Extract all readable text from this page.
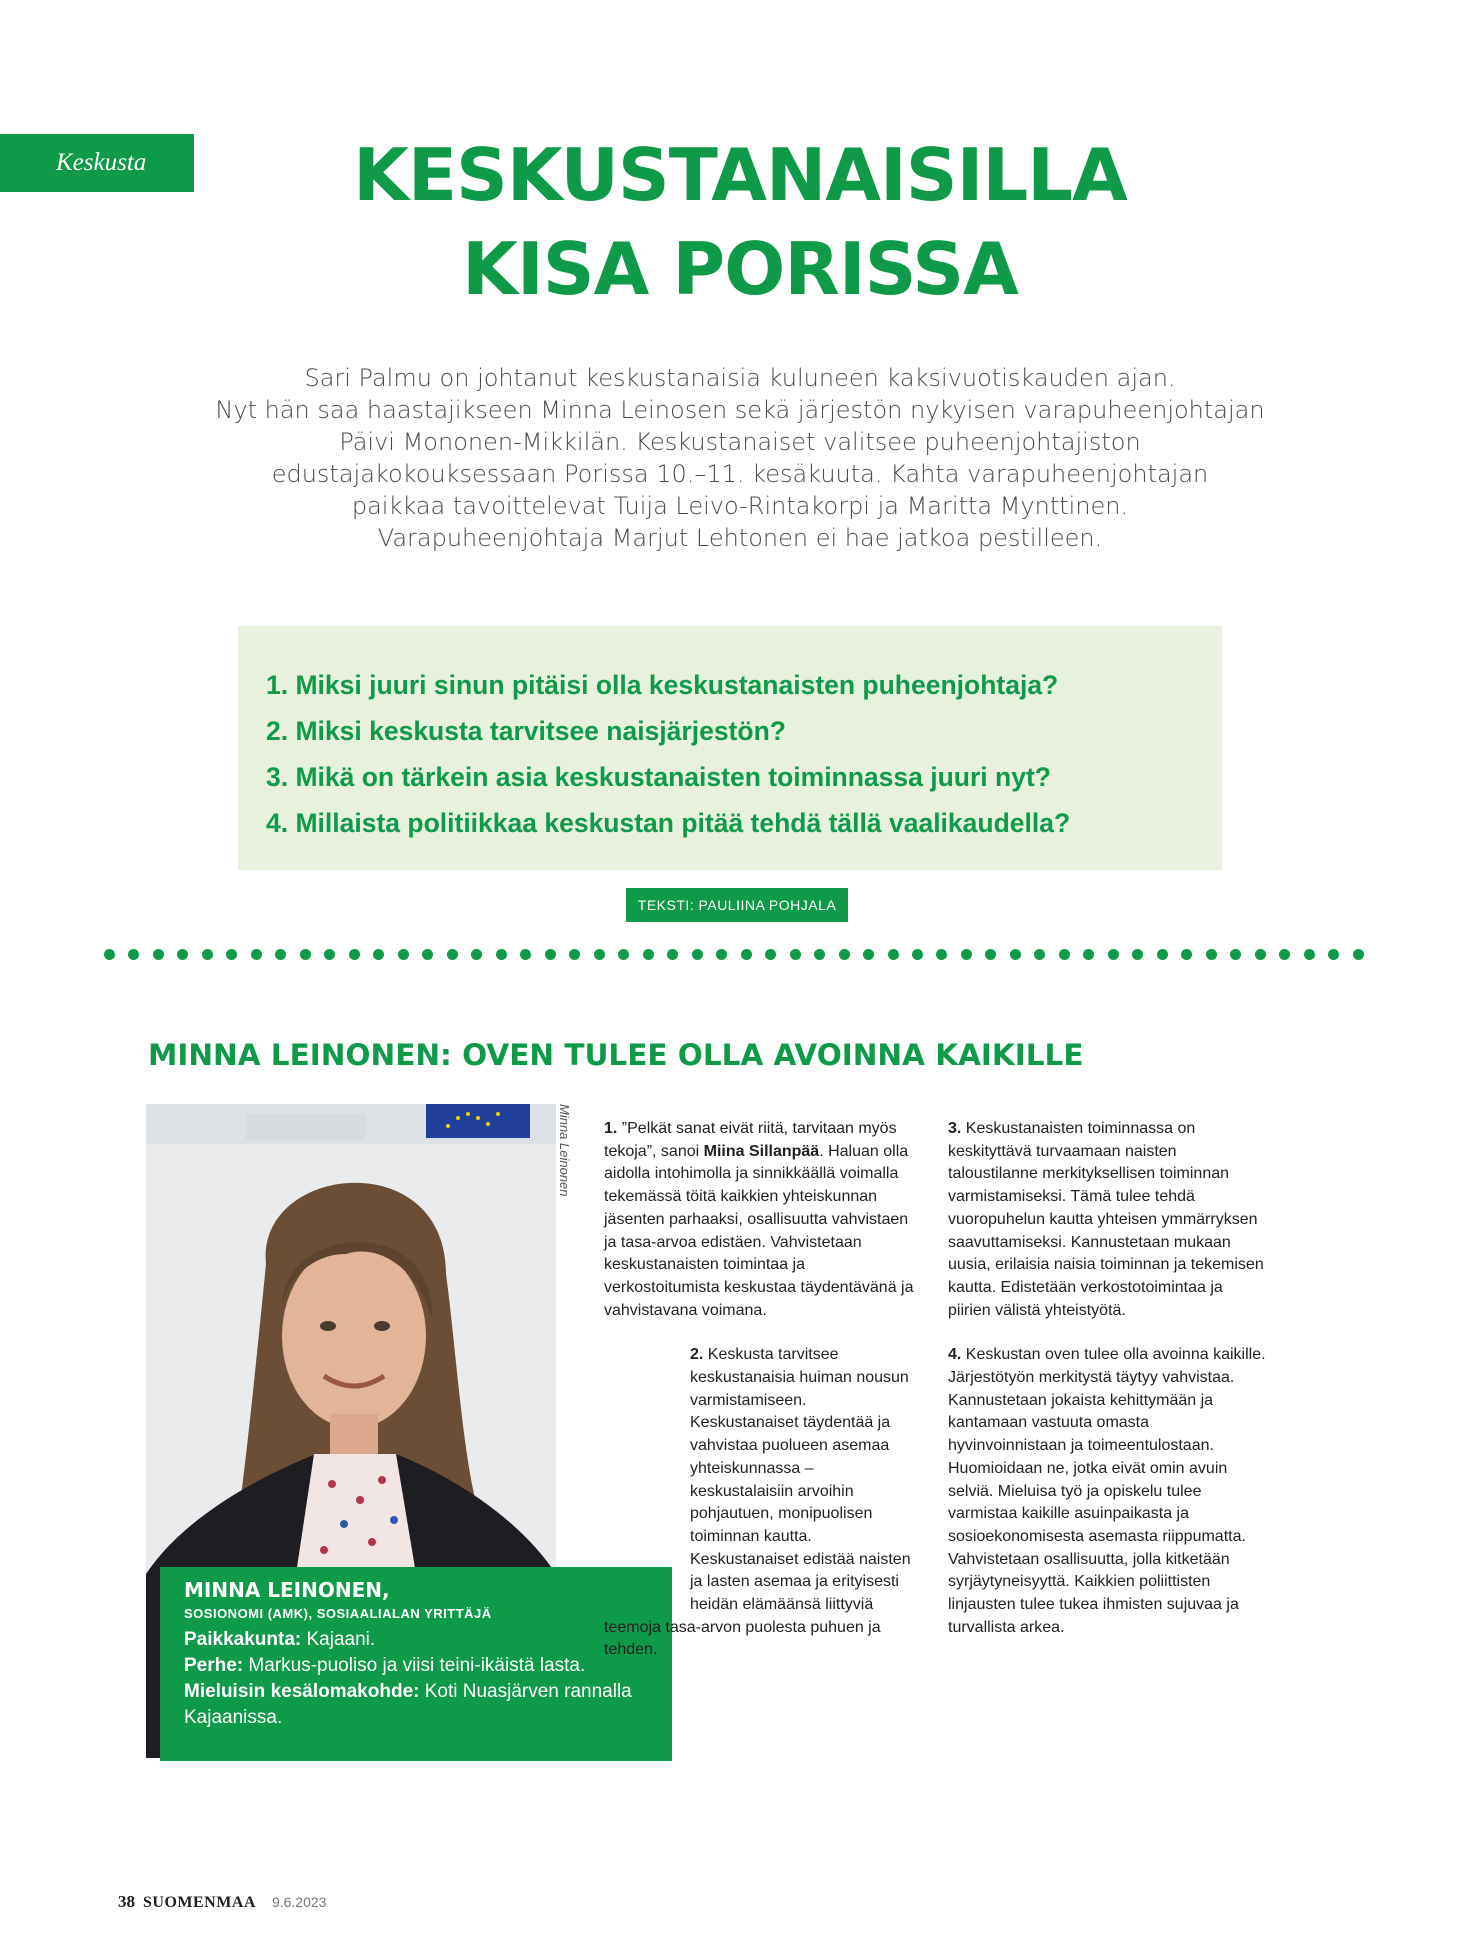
Keskusta	KESKUSTANAISILLA
KISA PORISSA
Sari Palmu on johtanut keskustanaisia kuluneen kaksivuotiskauden ajan.
Nyt hän saa haastajikseen Minna Leinosen sekä järjestön nykyisen varapuheenjohtajan
Päivi Mononen-Mikkilän. Keskustanaiset valitsee puheenjohtajiston
edustajakokouksessaan Porissa 10.–11. kesäkuuta. Kahta varapuheenjohtajan
paikkaa tavoittelevat Tuija Leivo-Rintakorpi ja Maritta Mynttinen.
Varapuheenjohtaja Marjut Lehtonen ei hae jatkoa pestilleen.
1. Miksi juuri sinun pitäisi olla keskustanaisten puheenjohtaja?
2. Miksi keskusta tarvitsee naisjärjestön?
3. Mikä on tärkein asia keskustanaisten toiminnassa juuri nyt?
4. Millaista politiikkaa keskustan pitää tehdä tällä vaalikaudella?
TEKSTI: PAULIINA POHJALA
MINNA LEINONEN: OVEN TULEE OLLA AVOINNA KAIKILLE
Minna Leinonen
MINNA LEINONEN,
SOSIONOMI (AMK), SOSIAALIALAN YRITTÄJÄ
Paikkakunta: Kajaani.
Perhe: Markus-puoliso ja viisi teini-ikäistä lasta.
Mieluisin kesälomakohde: Koti Nuasjärven rannalla Kajaanissa.

1. ”Pelkät sanat eivät riitä, tarvitaan myös tekoja”, sanoi Miina Sillanpää. Haluan olla aidolla intohimolla ja sinnikkäällä voimalla tekemässä töitä kaikkien yhteiskunnan jäsenten parhaaksi, osallisuutta vahvistaen ja tasa-arvoa edistäen. Vahvistetaan keskustanaisten toimintaa ja verkostoitumista keskustaa täydentävänä ja vahvistavana voimana.

2. Keskusta tarvitsee keskustanaisia huiman nousun varmistamiseen. Keskustanaiset täydentää ja vahvistaa puolueen asemaa yhteiskunnassa – keskustalaisiin arvoihin pohjautuen, monipuolisen toiminnan kautta. Keskustanaiset edistää naisten ja lasten asemaa ja erityisesti heidän elämäänsä liittyviä teemoja tasa-arvon puolesta puhuen ja tehden.

3. Keskustanaisten toiminnassa on keskityttävä turvaamaan naisten taloustilanne merkityksellisen toiminnan varmistamiseksi. Tämä tulee tehdä vuoropuhelun kautta yhteisen ymmärryksen saavuttamiseksi. Kannustetaan mukaan uusia, erilaisia naisia toiminnan ja tekemisen kautta. Edistetään verkostotoimintaa ja piirien välistä yhteistyötä.

4. Keskustan oven tulee olla avoinna kaikille. Järjestötyön merkitystä täytyy vahvistaa. Kannustetaan jokaista kehittymään ja kantamaan vastuuta omasta hyvinvoinnistaan ja toimeentulostaan. Huomioidaan ne, jotka eivät omin avuin selviä. Mieluisa työ ja opiskelu tulee varmistaa kaikille asuinpaikasta ja sosioekonomisesta asemasta riippumatta. Vahvistetaan osallisuutta, jolla kitketään syrjäytyneisyyttä. Kaikkien poliittisten linjausten tulee tukea ihmisten sujuvaa ja turvallista arkea.

38 SUOMENMAA 9.6.2023
